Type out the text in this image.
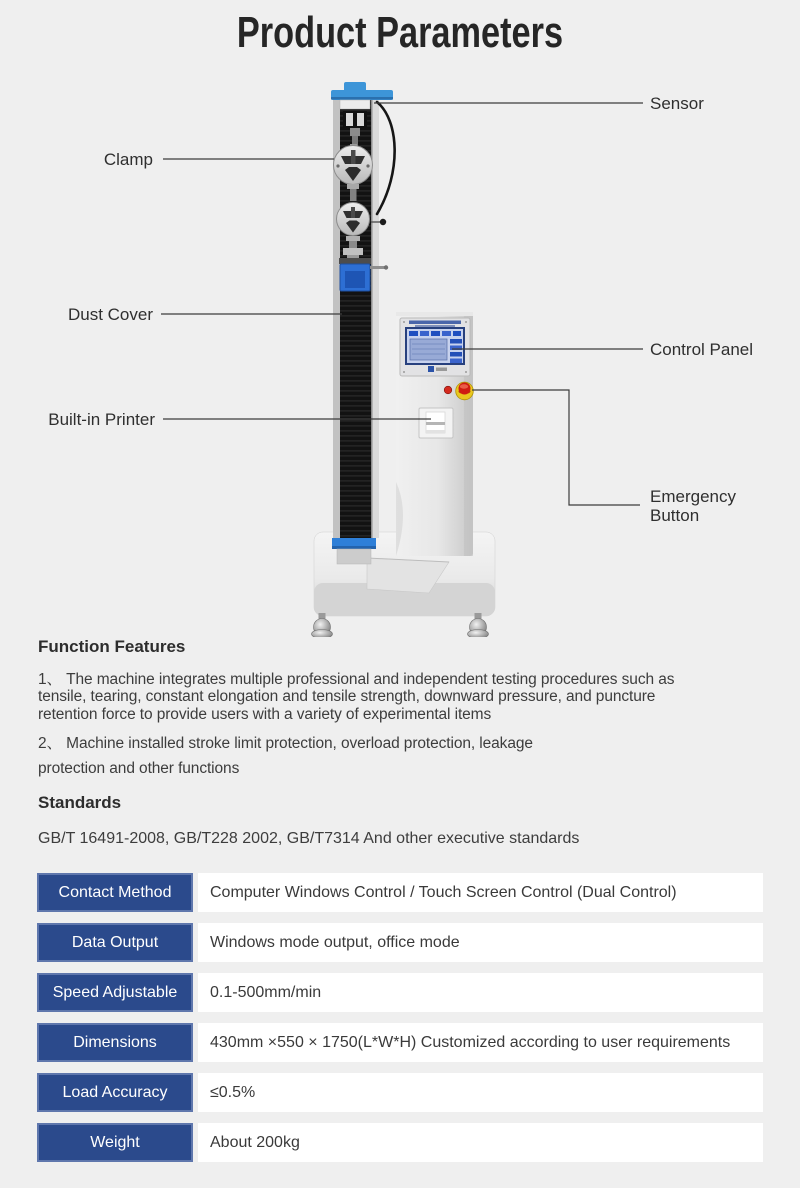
Product Parameters
Sensor
Clamp
Dust Cover
Control Panel
Built-in Printer
Emergency Button
Function Features
1、 The machine integrates multiple professional and independent testing procedures such as
tensile, tearing, constant elongation and tensile strength, downward pressure, and puncture
retention force to provide users with a variety of experimental items
2、 Machine installed stroke limit protection, overload protection, leakage
protection and other functions
Standards

GB/T 16491-2008, GB/T228 2002, GB/T7314 And other executive standards

Contact Method	Computer Windows Control / Touch Screen Control (Dual Control)
Data Output	Windows mode output, office mode
Speed Adjustable	0.1-500mm/min
Dimensions	430mm ×550 × 1750(L*W*H) Customized according to user requirements
Load Accuracy	≤0.5%
Weight	About 200kg
